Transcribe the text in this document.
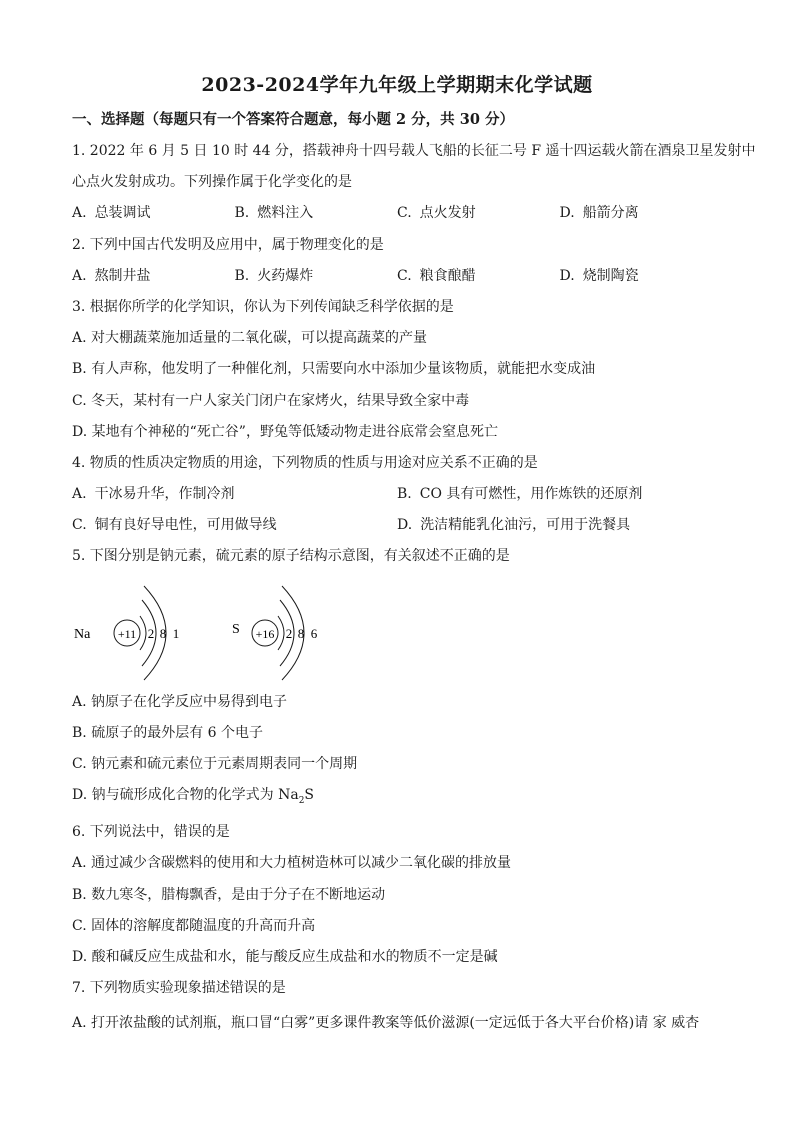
2023-2024学年九年级上学期期末化学试题
一、选择题（每题只有一个答案符合题意，每小题 2 分，共 30 分）
1. 2022 年 6 月 5 日 10 时 44 分，搭载神舟十四号载人飞船的长征二号 F 遥十四运载火箭在酒泉卫星发射中
心点火发射成功。下列操作属于化学变化的是
A. 总装调试	B. 燃料注入	C. 点火发射	D. 船箭分离
2. 下列中国古代发明及应用中，属于物理变化的是
A. 熬制井盐	B. 火药爆炸	C. 粮食酿醋	D. 烧制陶瓷
3. 根据你所学的化学知识，你认为下列传闻缺乏科学依据的是
A. 对大棚蔬菜施加适量的二氧化碳，可以提高蔬菜的产量
B. 有人声称，他发明了一种催化剂，只需要向水中添加少量该物质，就能把水变成油
C. 冬天，某村有一户人家关门闭户在家烤火，结果导致全家中毒
D. 某地有个神秘的“死亡谷”，野兔等低矮动物走进谷底常会窒息死亡
4. 物质的性质决定物质的用途，下列物质的性质与用途对应关系不正确的是
A. 干冰易升华，作制冷剂	B. CO 具有可燃性，用作炼铁的还原剂
C. 铜有良好导电性，可用做导线	D. 洗洁精能乳化油污，可用于洗餐具
5. 下图分别是钠元素，硫元素的原子结构示意图，有关叙述不正确的是
Na +11 2 8 1	S +16 2 8 6
A. 钠原子在化学反应中易得到电子
B. 硫原子的最外层有 6 个电子
C. 钠元素和硫元素位于元素周期表同一个周期
D. 钠与硫形成化合物的化学式为 $Na_2S$
6. 下列说法中，错误的是
A. 通过减少含碳燃料的使用和大力植树造林可以减少二氧化碳的排放量
B. 数九寒冬，腊梅飘香，是由于分子在不断地运动
C. 固体的溶解度都随温度的升高而升高
D. 酸和碱反应生成盐和水，能与酸反应生成盐和水的物质不一定是碱
7. 下列物质实验现象描述错误的是
A. 打开浓盐酸的试剂瓶，瓶口冒“白雾”更多课件教案等低价滋源(一定远低于各大平台价格)请 家 威杏
